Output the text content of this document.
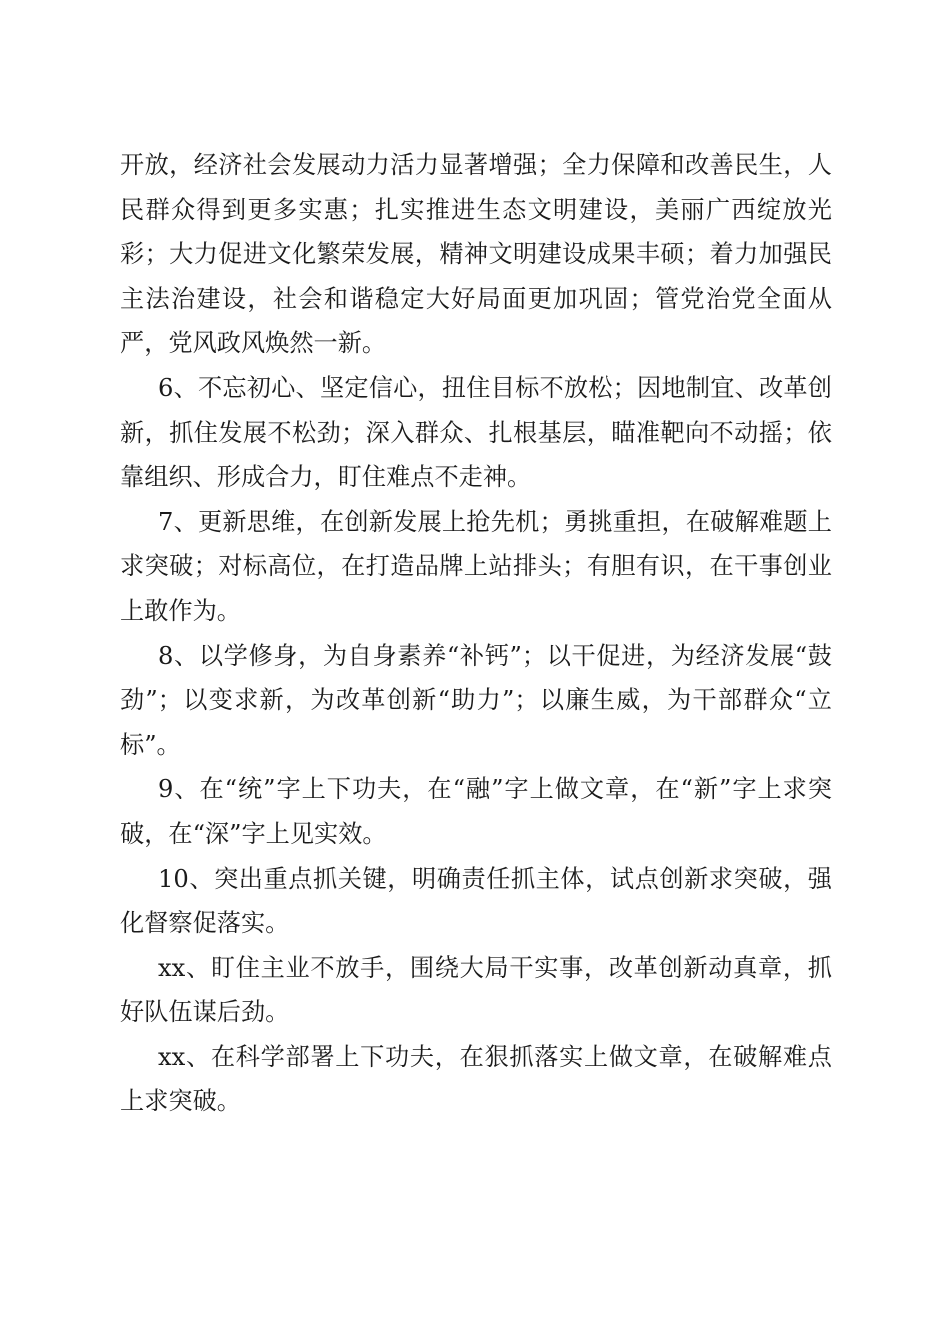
开放，经济社会发展动力活力显著增强；全力保障和改善民生，人民群众得到更多实惠；扎实推进生态文明建设，美丽广西绽放光彩；大力促进文化繁荣发展，精神文明建设成果丰硕；着力加强民主法治建设，社会和谐稳定大好局面更加巩固；管党治党全面从严，党风政风焕然一新。

6、不忘初心、坚定信心，扭住目标不放松；因地制宜、改革创新，抓住发展不松劲；深入群众、扎根基层，瞄准靶向不动摇；依靠组织、形成合力，盯住难点不走神。

7、更新思维，在创新发展上抢先机；勇挑重担，在破解难题上求突破；对标高位，在打造品牌上站排头；有胆有识，在干事创业上敢作为。

8、以学修身，为自身素养“补钙”；以干促进，为经济发展“鼓劲”；以变求新，为改革创新“助力”；以廉生威，为干部群众“立标”。

9、在“统”字上下功夫，在“融”字上做文章，在“新”字上求突破，在“深”字上见实效。

10、突出重点抓关键，明确责任抓主体，试点创新求突破，强化督察促落实。

xx、盯住主业不放手，围绕大局干实事，改革创新动真章，抓好队伍谋后劲。

xx、在科学部署上下功夫，在狠抓落实上做文章，在破解难点上求突破。
